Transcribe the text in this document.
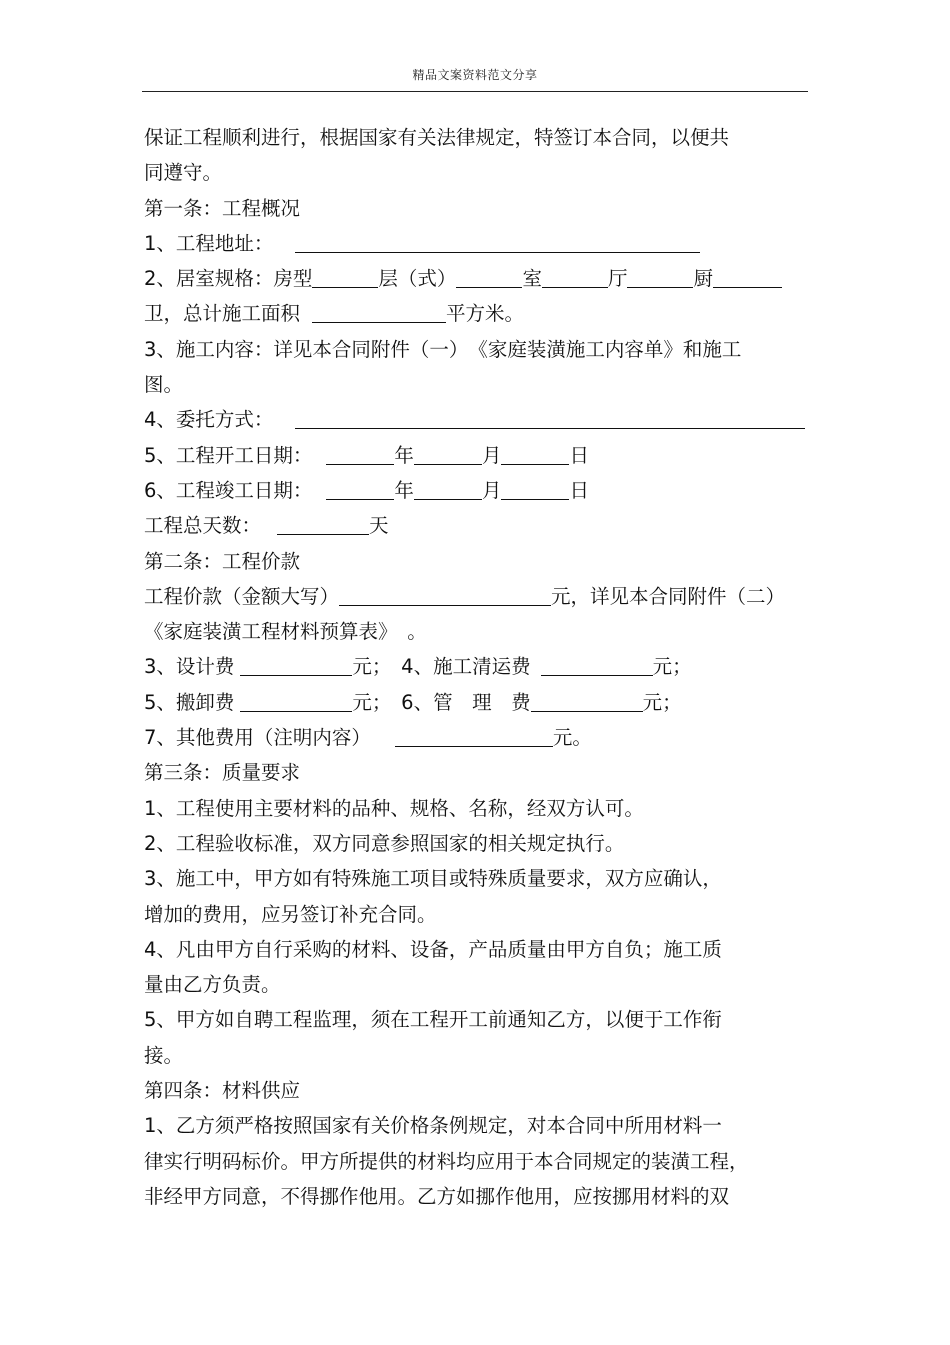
精品文案资料范文分享
保证工程顺利进行，根据国家有关法律规定，特签订本合同，以便共
同遵守。
第一条：工程概况
1、工程地址：
2、居室规格：房型	层（式）	室	厅	厨
卫，总计施工面积	平方米。
3、施工内容：详见本合同附件（一）　《家庭装潢施工内容单》和施工
图。
4、委托方式：
5、工程开工日期：	年	月	日
6、工程竣工日期：	年	月	日
工程总天数：	天
第二条：工程价款
工程价款（金额大写）	元，详见本合同附件（二）
《家庭装潢工程材料预算表》　。
3、设计费	元；　4、施工清运费	元；
5、搬卸费	元；　6、管　理　费	元；
7、其他费用（注明内容）	元。
第三条：质量要求
1、工程使用主要材料的品种、规格、名称，经双方认可。
2、工程验收标准，双方同意参照国家的相关规定执行。
3、施工中，甲方如有特殊施工项目或特殊质量要求，双方应确认，
增加的费用，应另签订补充合同。
4、凡由甲方自行采购的材料、设备，产品质量由甲方自负；施工质
量由乙方负责。
5、甲方如自聘工程监理，须在工程开工前通知乙方，以便于工作衔
接。
第四条：材料供应
1、乙方须严格按照国家有关价格条例规定，对本合同中所用材料一
律实行明码标价。甲方所提供的材料均应用于本合同规定的装潢工程，
非经甲方同意，不得挪作他用。乙方如挪作他用，应按挪用材料的双
